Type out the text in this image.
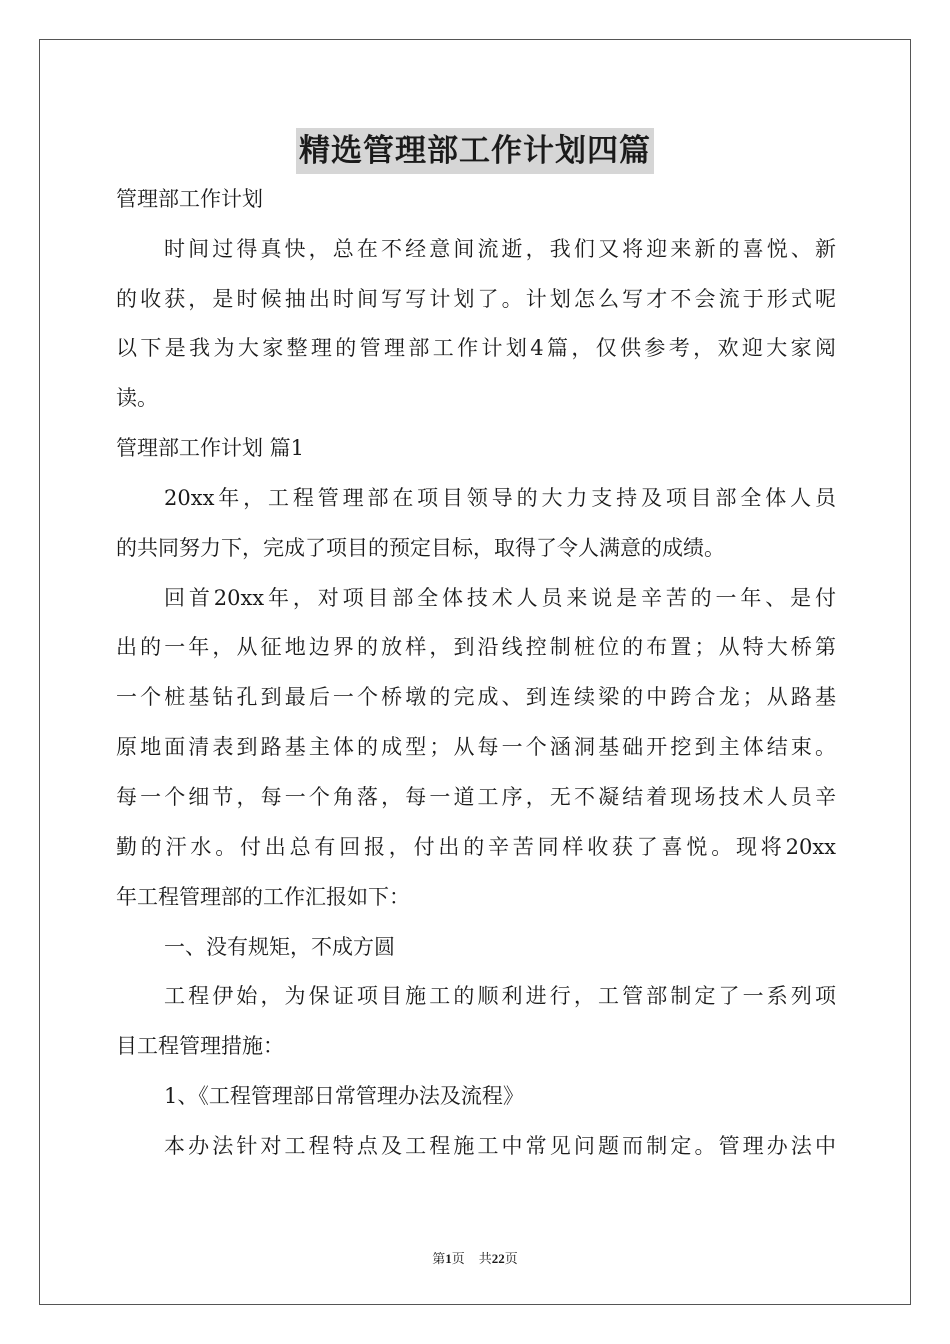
精选管理部工作计划四篇
管理部工作计划
时间过得真快，总在不经意间流逝，我们又将迎来新的喜悦、新
的收获，是时候抽出时间写写计划了。计划怎么写才不会流于形式呢
以下是我为大家整理的管理部工作计划4篇，仅供参考，欢迎大家阅
读。
管理部工作计划 篇1
20xx年，工程管理部在项目领导的大力支持及项目部全体人员
的共同努力下，完成了项目的预定目标，取得了令人满意的成绩。
回首20xx年，对项目部全体技术人员来说是辛苦的一年、是付
出的一年，从征地边界的放样，到沿线控制桩位的布置；从特大桥第
一个桩基钻孔到最后一个桥墩的完成、到连续梁的中跨合龙；从路基
原地面清表到路基主体的成型；从每一个涵洞基础开挖到主体结束。
每一个细节，每一个角落，每一道工序，无不凝结着现场技术人员辛
勤的汗水。付出总有回报，付出的辛苦同样收获了喜悦。现将20xx
年工程管理部的工作汇报如下：
一、没有规矩，不成方圆
工程伊始，为保证项目施工的顺利进行，工管部制定了一系列项
目工程管理措施：
1、《工程管理部日常管理办法及流程》
本办法针对工程特点及工程施工中常见问题而制定。管理办法中
第1页 共22页
